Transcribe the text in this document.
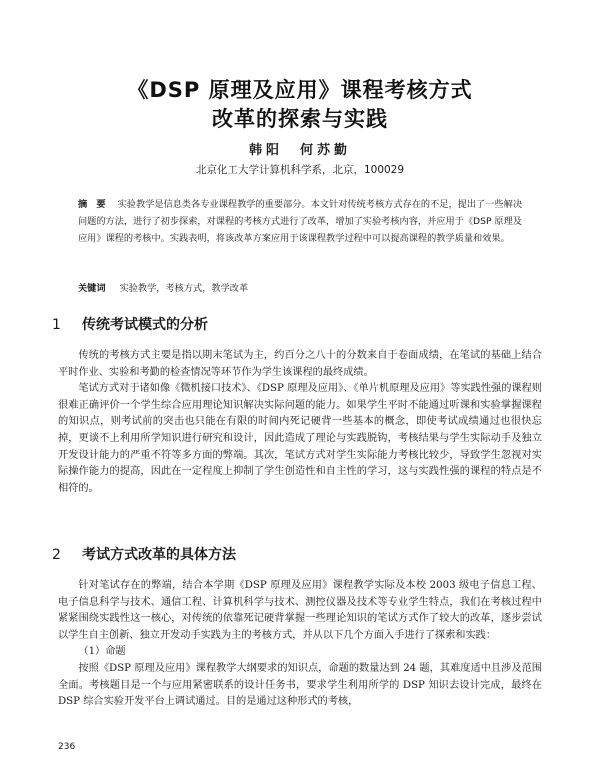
《DSP 原理及应用》课程考核方式
改革的探索与实践
韩阳　何苏勤
北京化工大学计算机科学系，北京，100029
摘　要 实验教学是信息类各专业课程教学的重要部分。本文针对传统考核方式存在的不足，提出了一些解决问题的方法，进行了初步探索，对课程的考核方式进行了改革，增加了实验考核内容，并应用于《DSP 原理及应用》课程的考核中。实践表明，将该改革方案应用于该课程教学过程中可以提高课程的教学质量和效果。
关键词 实验教学，考核方式，教学改革
1 传统考试模式的分析

传统的考核方式主要是指以期末笔试为主，约百分之八十的分数来自于卷面成绩，在笔试的基础上结合平时作业、实验和考勤的检查情况等环节作为学生该课程的最终成绩。

笔试方式对于诸如像《微机接口技术》、《DSP 原理及应用》、《单片机原理及应用》等实践性强的课程则很难正确评价一个学生综合应用理论知识解决实际问题的能力。如果学生平时不能通过听课和实验掌握课程的知识点，则考试前的突击也只能在有限的时间内死记硬背一些基本的概念，即使考试成绩通过也很快忘掉，更谈不上利用所学知识进行研究和设计，因此造成了理论与实践脱钩，考核结果与学生实际动手及独立开发设计能力的严重不符等多方面的弊端。其次，笔试方式对学生实际能力考核比较少，导致学生忽视对实际操作能力的提高，因此在一定程度上抑制了学生创造性和自主性的学习，这与实践性强的课程的特点是不相符的。

2 考试方式改革的具体方法

针对笔试存在的弊端，结合本学期《DSP 原理及应用》课程教学实际及本校 2003 级电子信息工程、电子信息科学与技术、通信工程、计算机科学与技术、测控仪器及技术等专业学生特点，我们在考核过程中紧紧围绕实践性这一核心，对传统的依靠死记硬背掌握一些理论知识的笔试方式作了较大的改革，逐步尝试以学生自主创新、独立开发动手实践为主的考核方式，并从以下几个方面入手进行了探索和实践：

（1）命题

按照《DSP 原理及应用》课程教学大纲要求的知识点，命题的数量达到 24 题，其难度适中且涉及范围全面。考核题目是一个与应用紧密联系的设计任务书，要求学生利用所学的 DSP 知识去设计完成，最终在 DSP 综合实验开发平台上调试通过。目的是通过这种形式的考核，

236
